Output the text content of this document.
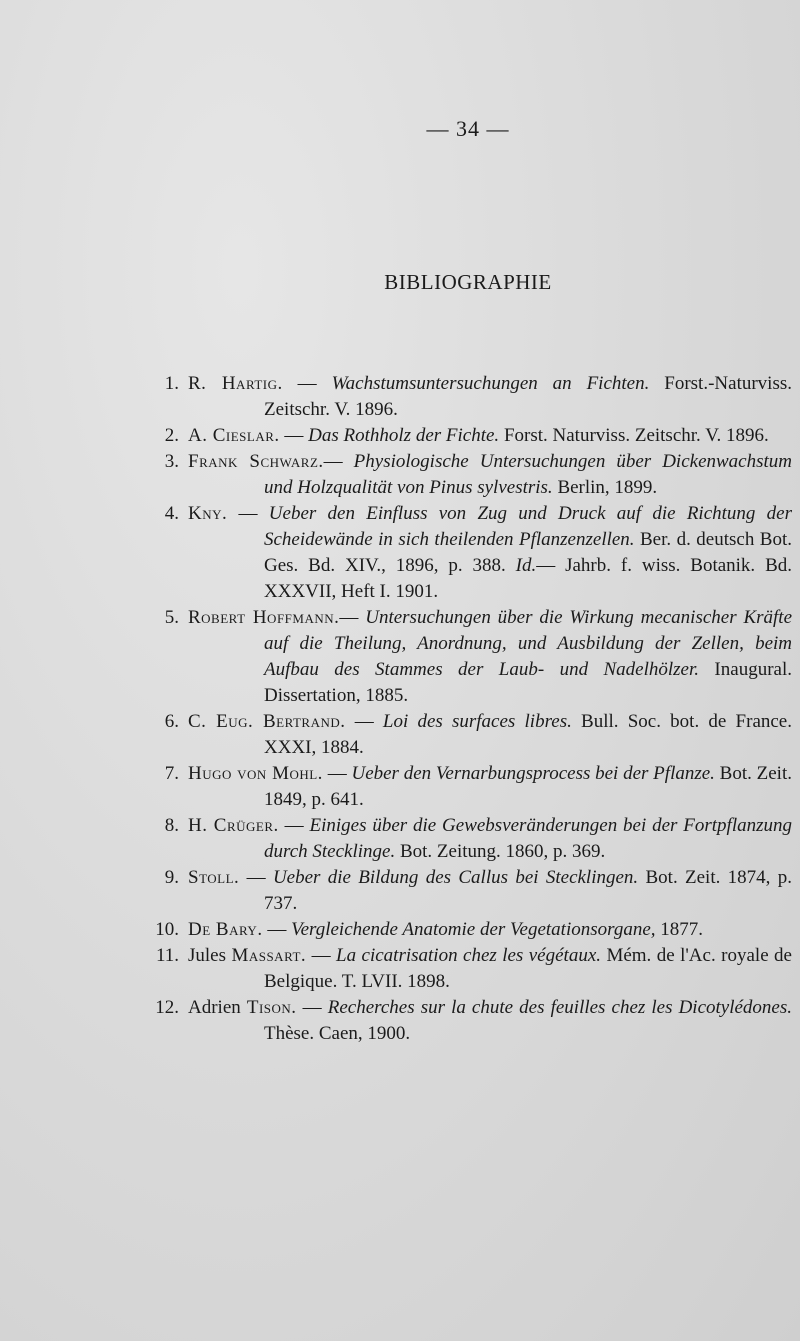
— 34 —
BIBLIOGRAPHIE
1. R. Hartig. — Wachstumsuntersuchungen an Fichten. Forst.-Naturviss. Zeitschr. V. 1896.
2. A. Cieslar. — Das Rothholz der Fichte. Forst. Naturviss. Zeitschr. V. 1896.
3. Frank Schwarz.— Physiologische Untersuchungen über Dickenwachstum und Holzqualität von Pinus sylvestris. Berlin, 1899.
4. Kny. — Ueber den Einfluss von Zug und Druck auf die Richtung der Scheidewände in sich theilenden Pflanzenzellen. Ber. d. deutsch Bot. Ges. Bd. XIV., 1896, p. 388. Id.— Jahrb. f. wiss. Botanik. Bd. XXXVII, Heft I. 1901.
5. Robert Hoffmann.— Untersuchungen über die Wirkung mecanischer Kräfte auf die Theilung, Anordnung, und Ausbildung der Zellen, beim Aufbau des Stammes der Laub- und Nadelhölzer. Inaugural. Dissertation, 1885.
6. C. Eug. Bertrand. — Loi des surfaces libres. Bull. Soc. bot. de France. XXXI, 1884.
7. Hugo von Mohl. — Ueber den Vernarbungsprocess bei der Pflanze. Bot. Zeit. 1849, p. 641.
8. H. Crüger. — Einiges über die Gewebsveränderungen bei der Fortpflanzung durch Stecklinge. Bot. Zeitung. 1860, p. 369.
9. Stoll. — Ueber die Bildung des Callus bei Stecklingen. Bot. Zeit. 1874, p. 737.
10. De Bary. — Vergleichende Anatomie der Vegetationsorgane, 1877.
11. Jules Massart. — La cicatrisation chez les végétaux. Mém. de l'Ac. royale de Belgique. T. LVII. 1898.
12. Adrien Tison. — Recherches sur la chute des feuilles chez les Dicotylédones. Thèse. Caen, 1900.
